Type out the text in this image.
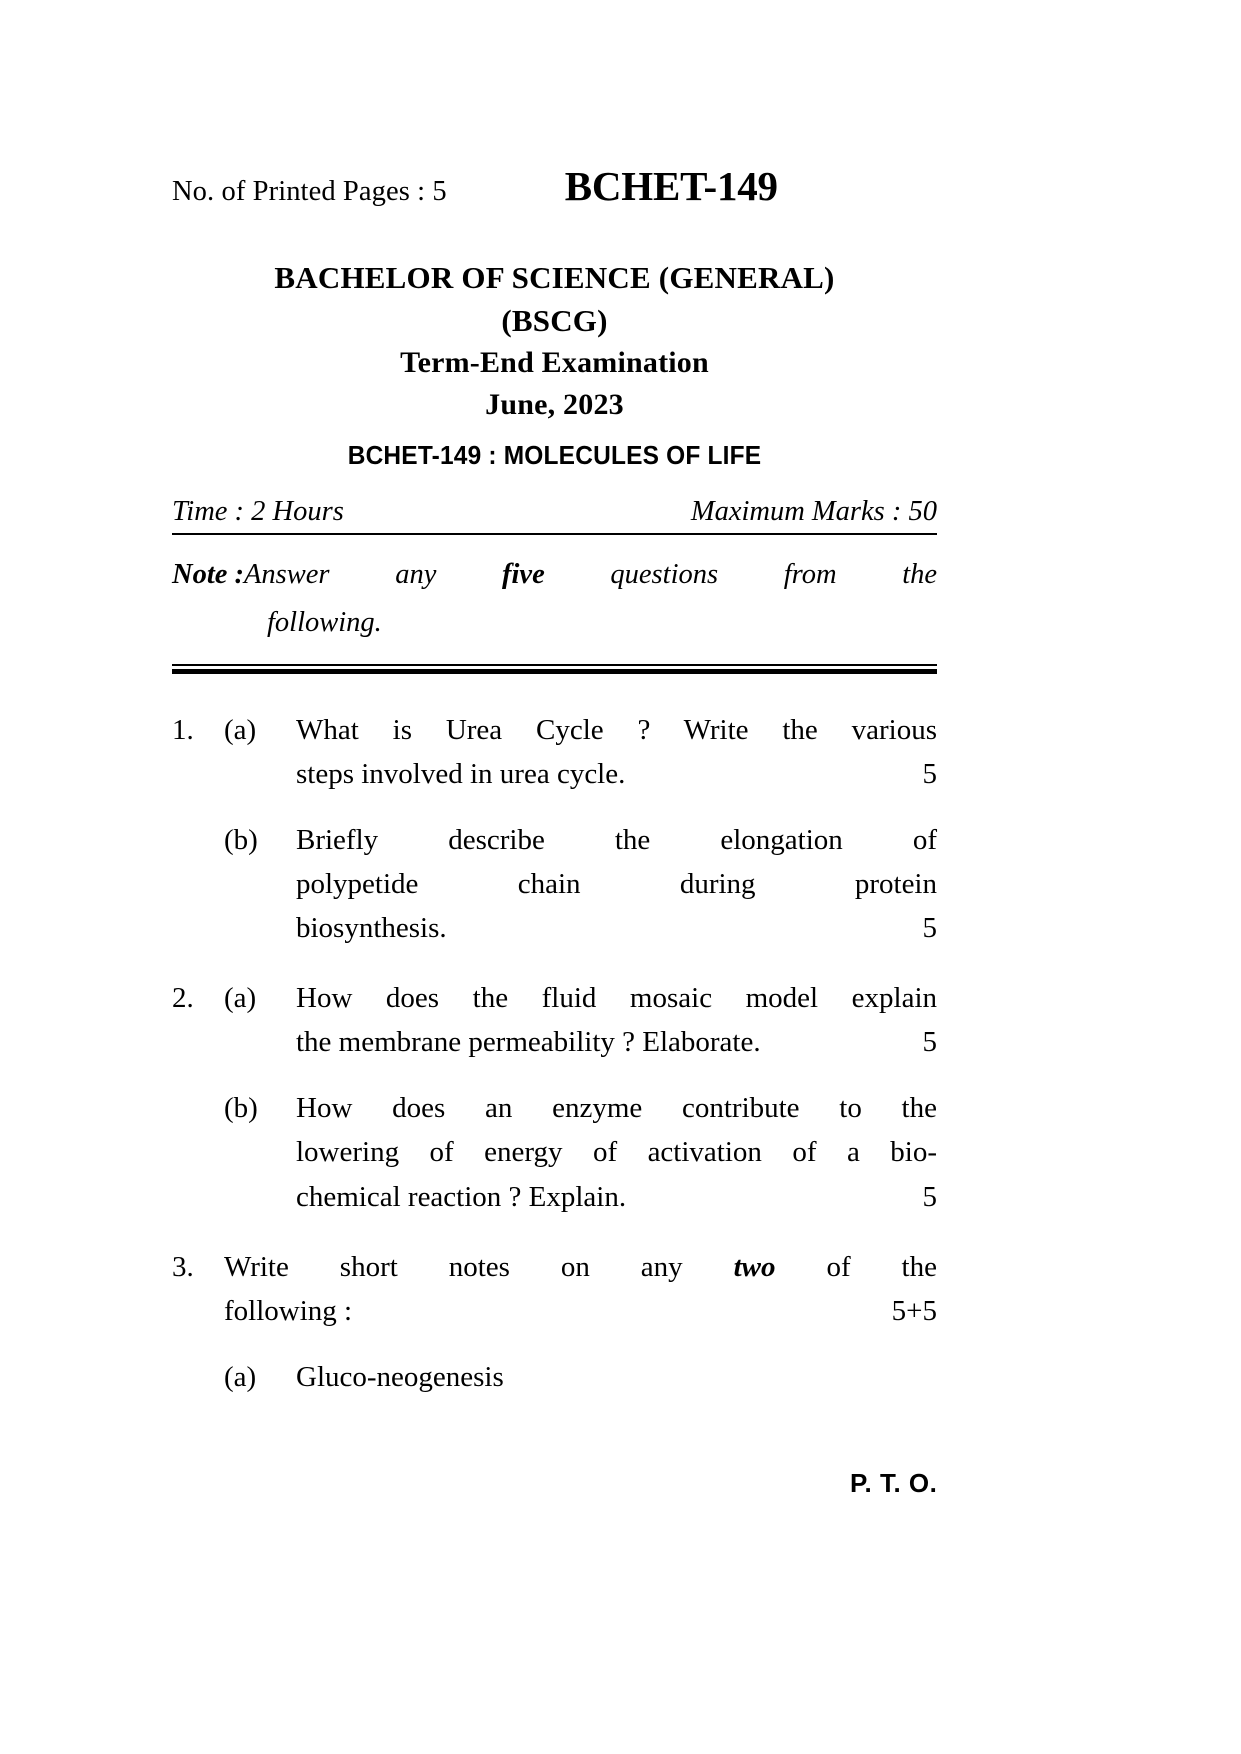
No. of Printed Pages : 5	BCHET-149
BACHELOR OF SCIENCE (GENERAL)
(BSCG)
Term-End Examination
June, 2023
BCHET-149 : MOLECULES OF LIFE
Time : 2 Hours	Maximum Marks : 50
Note : Answer any five questions from the
following.
1.	(a)	What is Urea Cycle ? Write the various
steps involved in urea cycle.	5
(b)	Briefly describe the elongation of
polypetide chain during protein
biosynthesis.	5
2.	(a)	How does the fluid mosaic model explain
the membrane permeability ? Elaborate.	5
(b)	How does an enzyme contribute to the
lowering of energy of activation of a bio-
chemical reaction ? Explain.	5
3.	Write short notes on any two of the
following :	5+5
(a)	Gluco-neogenesis
P. T. O.
